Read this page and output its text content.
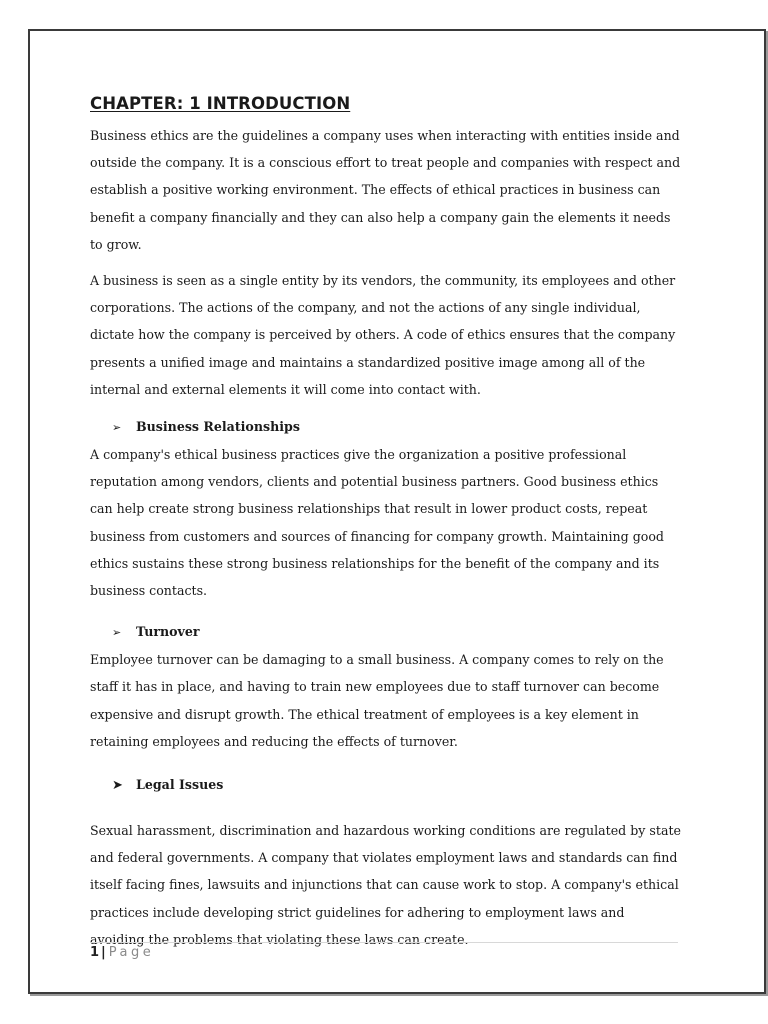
CHAPTER: 1 INTRODUCTION

Business ethics are the guidelines a company uses when interacting with entities inside and outside the company. It is a conscious effort to treat people and companies with respect and establish a positive working environment. The effects of ethical practices in business can benefit a company financially and they can also help a company gain the elements it needs to grow.

A business is seen as a single entity by its vendors, the community, its employees and other corporations. The actions of the company, and not the actions of any single individual, dictate how the company is perceived by others. A code of ethics ensures that the company presents a unified image and maintains a standardized positive image among all of the internal and external elements it will come into contact with.

➢ Business Relationships

A company's ethical business practices give the organization a positive professional reputation among vendors, clients and potential business partners. Good business ethics can help create strong business relationships that result in lower product costs, repeat business from customers and sources of financing for company growth. Maintaining good ethics sustains these strong business relationships for the benefit of the company and its business contacts.

➢ Turnover

Employee turnover can be damaging to a small business. A company comes to rely on the staff it has in place, and having to train new employees due to staff turnover can become expensive and disrupt growth. The ethical treatment of employees is a key element in retaining employees and reducing the effects of turnover.

➤ Legal Issues

Sexual harassment, discrimination and hazardous working conditions are regulated by state and federal governments. A company that violates employment laws and standards can find itself facing fines, lawsuits and injunctions that can cause work to stop. A company's ethical practices include developing strict guidelines for adhering to employment laws and avoiding the problems that violating these laws can create.

1 | Page
